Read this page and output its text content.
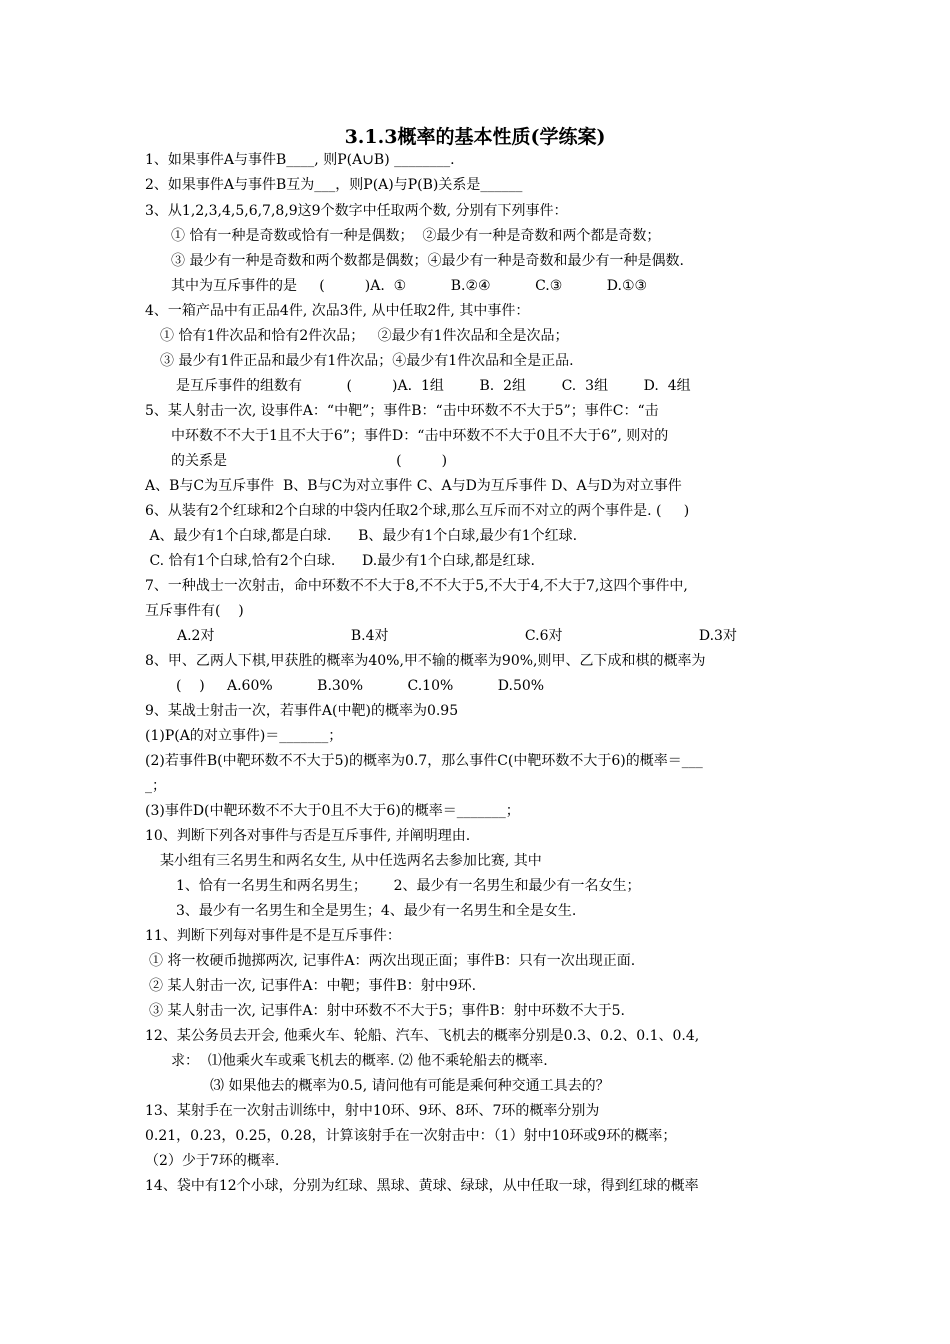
3.1.3概率的基本性质(学练案)
1、如果事件A与事件B____, 则P(A∪B) ________.
2、如果事件A与事件B互为___，则P(A)与P(B)关系是______
3、从1,2,3,4,5,6,7,8,9这9个数字中任取两个数, 分别有下列事件：
① 恰有一种是奇数或恰有一种是偶数；  ②最少有一种是奇数和两个都是奇数；
③ 最少有一种是奇数和两个数都是偶数；④最少有一种是奇数和最少有一种是偶数.
其中为互斥事件的是     (         )A.  ①          B.②④          C.③          D.①③
4、一箱产品中有正品4件, 次品3件, 从中任取2件, 其中事件：
① 恰有1件次品和恰有2件次品；   ②最少有1件次品和全是次品；
③ 最少有1件正品和最少有1件次品；④最少有1件次品和全是正品.
是互斥事件的组数有          (         )A.  1组        B.  2组        C.  3组        D.  4组
5、某人射击一次, 设事件A：“中靶”；事件B：“击中环数不不大于5”；事件C：“击
中环数不不大于1且不大于6”；事件D：“击中环数不不大于0且不大于6”, 则对的
的关系是                                      (         )
A、B与C为互斥事件  B、B与C为对立事件 C、A与D为互斥事件 D、A与D为对立事件
6、从装有2个红球和2个白球的中袋内任取2个球,那么互斥而不对立的两个事件是. (     )
A、最少有1个白球,都是白球.      B、最少有1个白球,最少有1个红球.
C. 恰有1个白球,恰有2个白球.      D.最少有1个白球,都是红球.
7、一种战士一次射击，命中环数不不大于8,不不大于5,不大于4,不大于7,这四个事件中,
互斥事件有(    )
A.2对	B.4对	C.6对	D.3对
8、甲、乙两人下棋,甲获胜的概率为40%,甲不输的概率为90%,则甲、乙下成和棋的概率为
(    )     A.60%          B.30%          C.10%          D.50%
9、某战士射击一次，若事件A(中靶)的概率为0.95
(1)P(A的对立事件)＝_______；
(2)若事件B(中靶环数不不大于5)的概率为0.7，那么事件C(中靶环数不大于6)的概率＝___
_；
(3)事件D(中靶环数不不大于0且不大于6)的概率＝_______；
10、判断下列各对事件与否是互斥事件, 并阐明理由.
某小组有三名男生和两名女生, 从中任选两名去参加比赛, 其中
1、恰有一名男生和两名男生；      2、最少有一名男生和最少有一名女生；
3、最少有一名男生和全是男生；4、最少有一名男生和全是女生.
11、判断下列每对事件是不是互斥事件：
① 将一枚硬币抛掷两次, 记事件A：两次出现正面；事件B：只有一次出现正面.
② 某人射击一次, 记事件A：中靶；事件B：射中9环.
③ 某人射击一次, 记事件A：射中环数不不大于5；事件B：射中环数不大于5.
12、某公务员去开会, 他乘火车、轮船、汽车、飞机去的概率分别是0.3、0.2、0.1、0.4,
求：  ⑴他乘火车或乘飞机去的概率. ⑵ 他不乘轮船去的概率.
⑶ 如果他去的概率为0.5, 请问他有可能是乘何种交通工具去的？
13、某射手在一次射击训练中，射中10环、9环、8环、7环的概率分别为
0.21，0.23，0.25，0.28，计算该射手在一次射击中：（1）射中10环或9环的概率；
（2）少于7环的概率.
14、袋中有12个小球，分别为红球、黑球、黄球、绿球，从中任取一球，得到红球的概率
